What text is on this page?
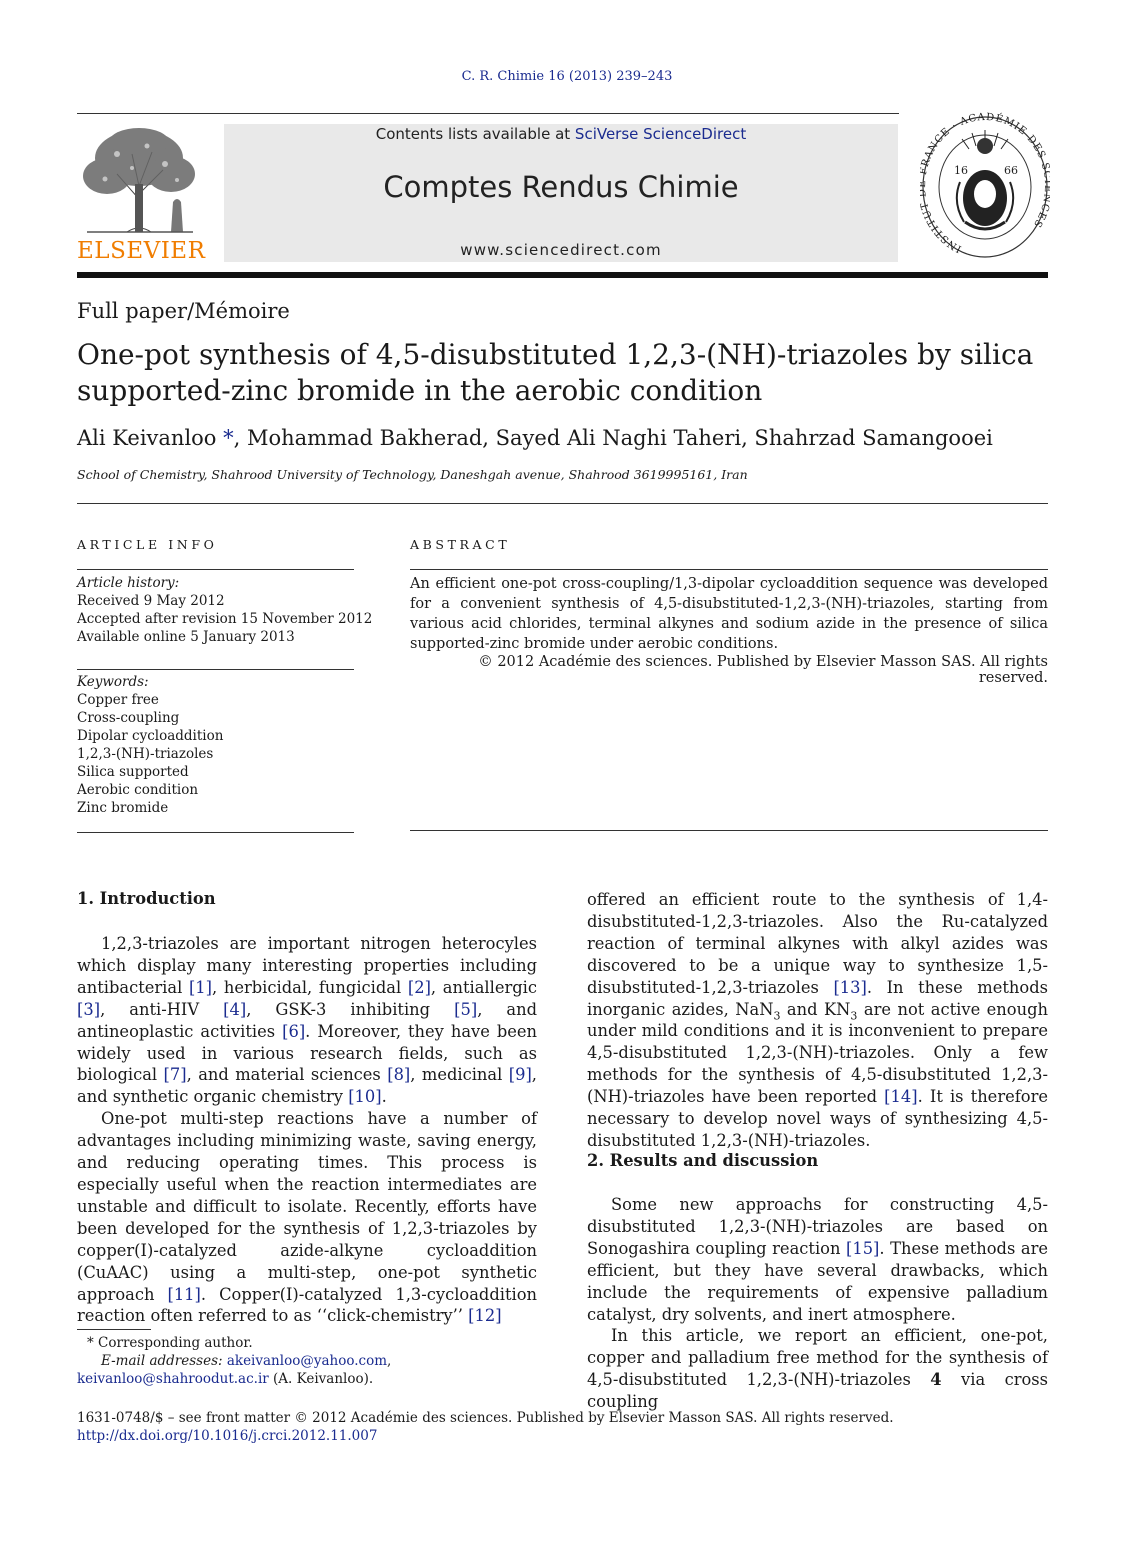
C. R. Chimie 16 (2013) 239–243
ELSEVIER
Contents lists available at SciVerse ScienceDirect
Comptes Rendus Chimie
www.sciencedirect.com	INSTITUT RANCE · ACADÉMIE DES CES
16	66
Full paper/Mémoire
One-pot synthesis of 4,5-disubstituted 1,2,3-(NH)-triazoles by silica supported-zinc bromide in the aerobic condition
Ali Keivanloo *, Mohammad Bakherad, Sayed Ali Naghi Taheri, Shahrzad Samangooei
School of Chemistry, Shahrood University of Technology, Daneshgah avenue, Shahrood 3619995161, Iran
ARTICLE INFO	ABSTRACT
Article history:
Received 9 May 2012
Accepted after revision 15 November 2012
Available online 5 January 2013
Keywords:
Copper free
Cross-coupling
Dipolar cycloaddition
1,2,3-(NH)-triazoles
Silica supported
Aerobic condition
Zinc bromide
An efficient one-pot cross-coupling/1,3-dipolar cycloaddition sequence was developed for a convenient synthesis of 4,5-disubstituted-1,2,3-(NH)-triazoles, starting from various acid chlorides, terminal alkynes and sodium azide in the presence of silica supported-zinc bromide under aerobic conditions.
© 2012 Académie des sciences. Published by Elsevier Masson SAS. All rights reserved.
1. Introduction

1,2,3-triazoles are important nitrogen heterocyles which display many interesting properties including antibacterial [1], herbicidal, fungicidal [2], antiallergic [3], anti-HIV [4], GSK-3 inhibiting [5], and antineoplastic activities [6]. Moreover, they have been widely used in various research fields, such as biological [7], and material sciences [8], medicinal [9], and synthetic organic chemistry [10].

One-pot multi-step reactions have a number of advantages including minimizing waste, saving energy, and reducing operating times. This process is especially useful when the reaction intermediates are unstable and difficult to isolate. Recently, efforts have been developed for the synthesis of 1,2,3-triazoles by copper(I)-catalyzed azide-alkyne cycloaddition (CuAAC) using a multi-step, one-pot synthetic approach [11]. Copper(I)-catalyzed 1,3-cycloaddition reaction often referred to as ‘‘click-chemistry’’ [12]

offered an efficient route to the synthesis of 1,4-disubstituted-1,2,3-triazoles. Also the Ru-catalyzed reaction of terminal alkynes with alkyl azides was discovered to be a unique way to synthesize 1,5-disubstituted-1,2,3-triazoles [13]. In these methods inorganic azides, NaN$_3$ and $KN_3$ are not active enough under mild conditions and it is inconvenient to prepare 4,5-disubstituted 1,2,3-(NH)-triazoles. Only a few methods for the synthesis of 4,5-disubstituted 1,2,3-(NH)-triazoles have been reported [14]. It is therefore necessary to develop novel ways of synthesizing 4,5-disubstituted 1,2,3-(NH)-triazoles.

2. Results and discussion

Some new approachs for constructing 4,5-disubstituted 1,2,3-(NH)-triazoles are based on Sonogashira coupling reaction [15]. These methods are efficient, but they have several drawbacks, which include the requirements of expensive palladium catalyst, dry solvents, and inert atmosphere.

In this article, we report an efficient, one-pot, copper and palladium free method for the synthesis of 4,5-disubstituted 1,2,3-(NH)-triazoles 4 via cross coupling

* Corresponding author.
E-mail addresses: akeivanloo@yahoo.com,
keivanloo@shahroodut.ac.ir (A. Keivanloo).
1631-0748/$ – see front matter © 2012 Académie des sciences. Published by Elsevier Masson SAS. All rights reserved.
http://dx.doi.org/10.1016/j.crci.2012.11.007
